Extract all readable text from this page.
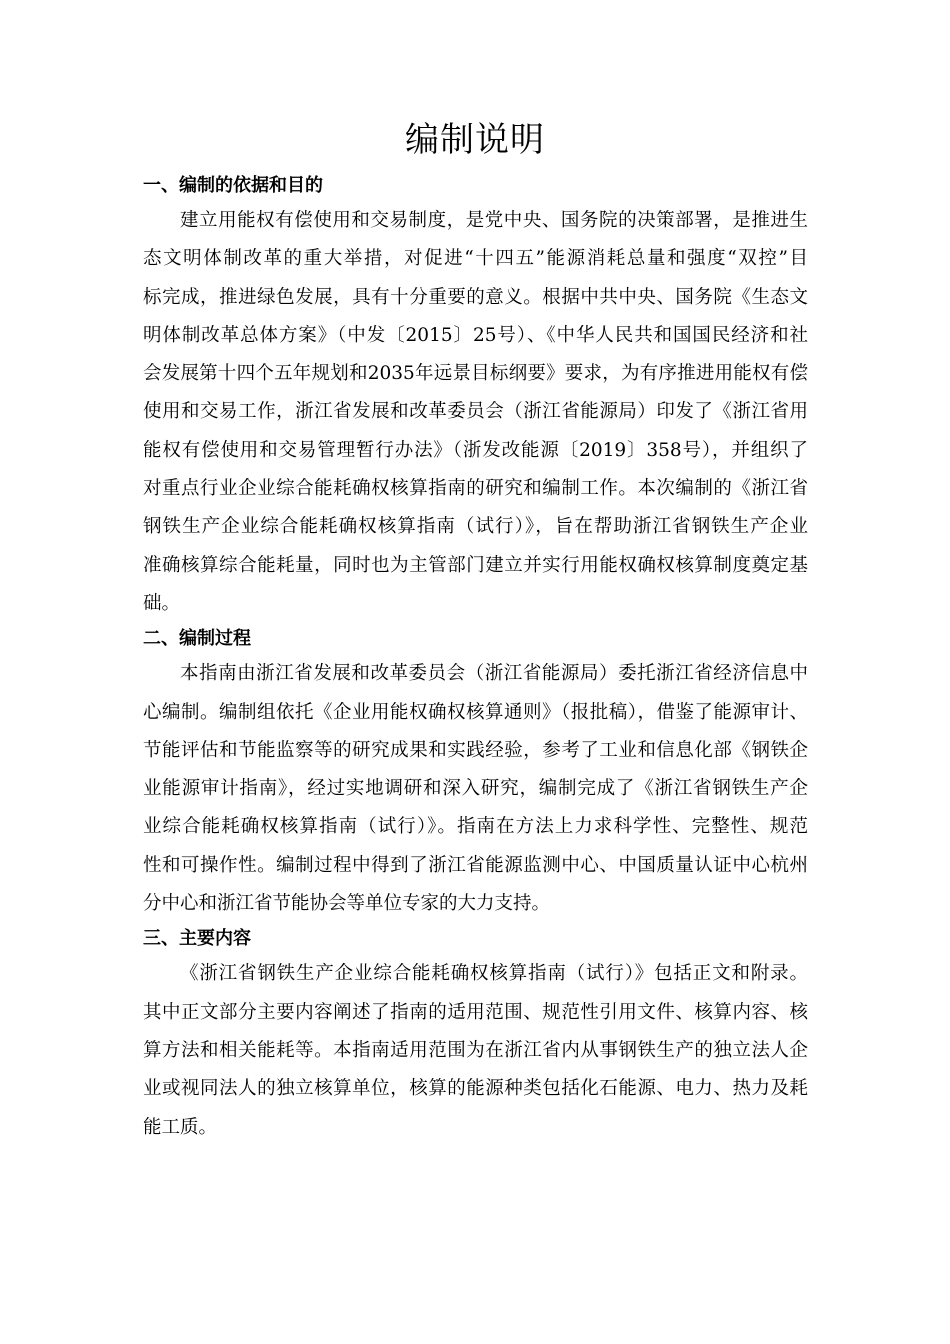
编制说明
一、编制的依据和目的
建立用能权有偿使用和交易制度，是党中央、国务院的决策部署，是推进生
态文明体制改革的重大举措，对促进“十四五”能源消耗总量和强度“双控”目
标完成，推进绿色发展，具有十分重要的意义。根据中共中央、国务院《生态文
明体制改革总体方案》（中发〔2015〕25号）、《中华人民共和国国民经济和社
会发展第十四个五年规划和2035年远景目标纲要》要求，为有序推进用能权有偿
使用和交易工作，浙江省发展和改革委员会（浙江省能源局）印发了《浙江省用
能权有偿使用和交易管理暂行办法》（浙发改能源〔2019〕358号），并组织了
对重点行业企业综合能耗确权核算指南的研究和编制工作。本次编制的《浙江省
钢铁生产企业综合能耗确权核算指南（试行）》，旨在帮助浙江省钢铁生产企业
准确核算综合能耗量，同时也为主管部门建立并实行用能权确权核算制度奠定基
础。
二、编制过程
本指南由浙江省发展和改革委员会（浙江省能源局）委托浙江省经济信息中
心编制。编制组依托《企业用能权确权核算通则》（报批稿），借鉴了能源审计、
节能评估和节能监察等的研究成果和实践经验，参考了工业和信息化部《钢铁企
业能源审计指南》，经过实地调研和深入研究，编制完成了《浙江省钢铁生产企
业综合能耗确权核算指南（试行）》。指南在方法上力求科学性、完整性、规范
性和可操作性。编制过程中得到了浙江省能源监测中心、中国质量认证中心杭州
分中心和浙江省节能协会等单位专家的大力支持。
三、主要内容
《浙江省钢铁生产企业综合能耗确权核算指南（试行）》包括正文和附录。
其中正文部分主要内容阐述了指南的适用范围、规范性引用文件、核算内容、核
算方法和相关能耗等。本指南适用范围为在浙江省内从事钢铁生产的独立法人企
业或视同法人的独立核算单位，核算的能源种类包括化石能源、电力、热力及耗
能工质。
